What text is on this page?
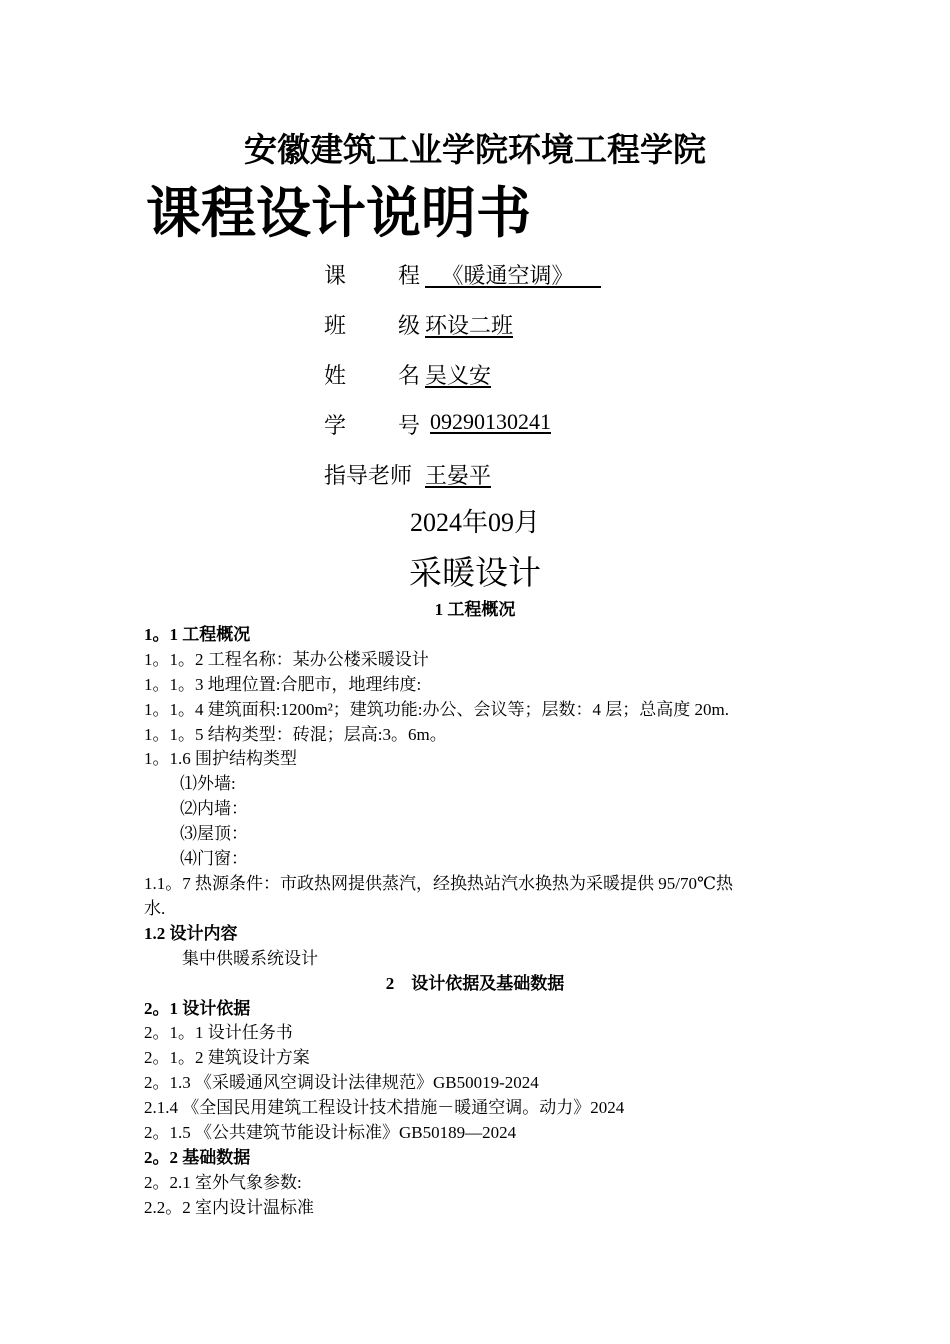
安徽建筑工业学院环境工程学院
课程设计说明书
课 程 《暖通空调》
班 级 环设二班
姓 名 吴义安
学 号 09290130241
指导老师 王晏平
2024年09月
采暖设计
1 工程概况
1。1 工程概况
1。1。2 工程名称：某办公楼采暖设计
1。1。3 地理位置:合肥市，地理纬度:
1。1。4 建筑面积:1200m²；建筑功能:办公、会议等；层数：4 层；总高度 20m.
1。1。5 结构类型：砖混；层高:3。6m。
1。1.6 围护结构类型
⑴外墙:
⑵内墙：
⑶屋顶：
⑷门窗：
1.1。7 热源条件：市政热网提供蒸汽，经换热站汽水换热为采暖提供 95/70℃热
水.
1.2 设计内容
集中供暖系统设计
2　设计依据及基础数据
2。1 设计依据
2。1。1 设计任务书
2。1。2 建筑设计方案
2。1.3 《采暖通风空调设计法律规范》GB50019-2024
2.1.4 《全国民用建筑工程设计技术措施－暖通空调。动力》2024
2。1.5 《公共建筑节能设计标准》GB50189—2024
2。2 基础数据
2。2.1 室外气象参数:
2.2。2 室内设计温标准
